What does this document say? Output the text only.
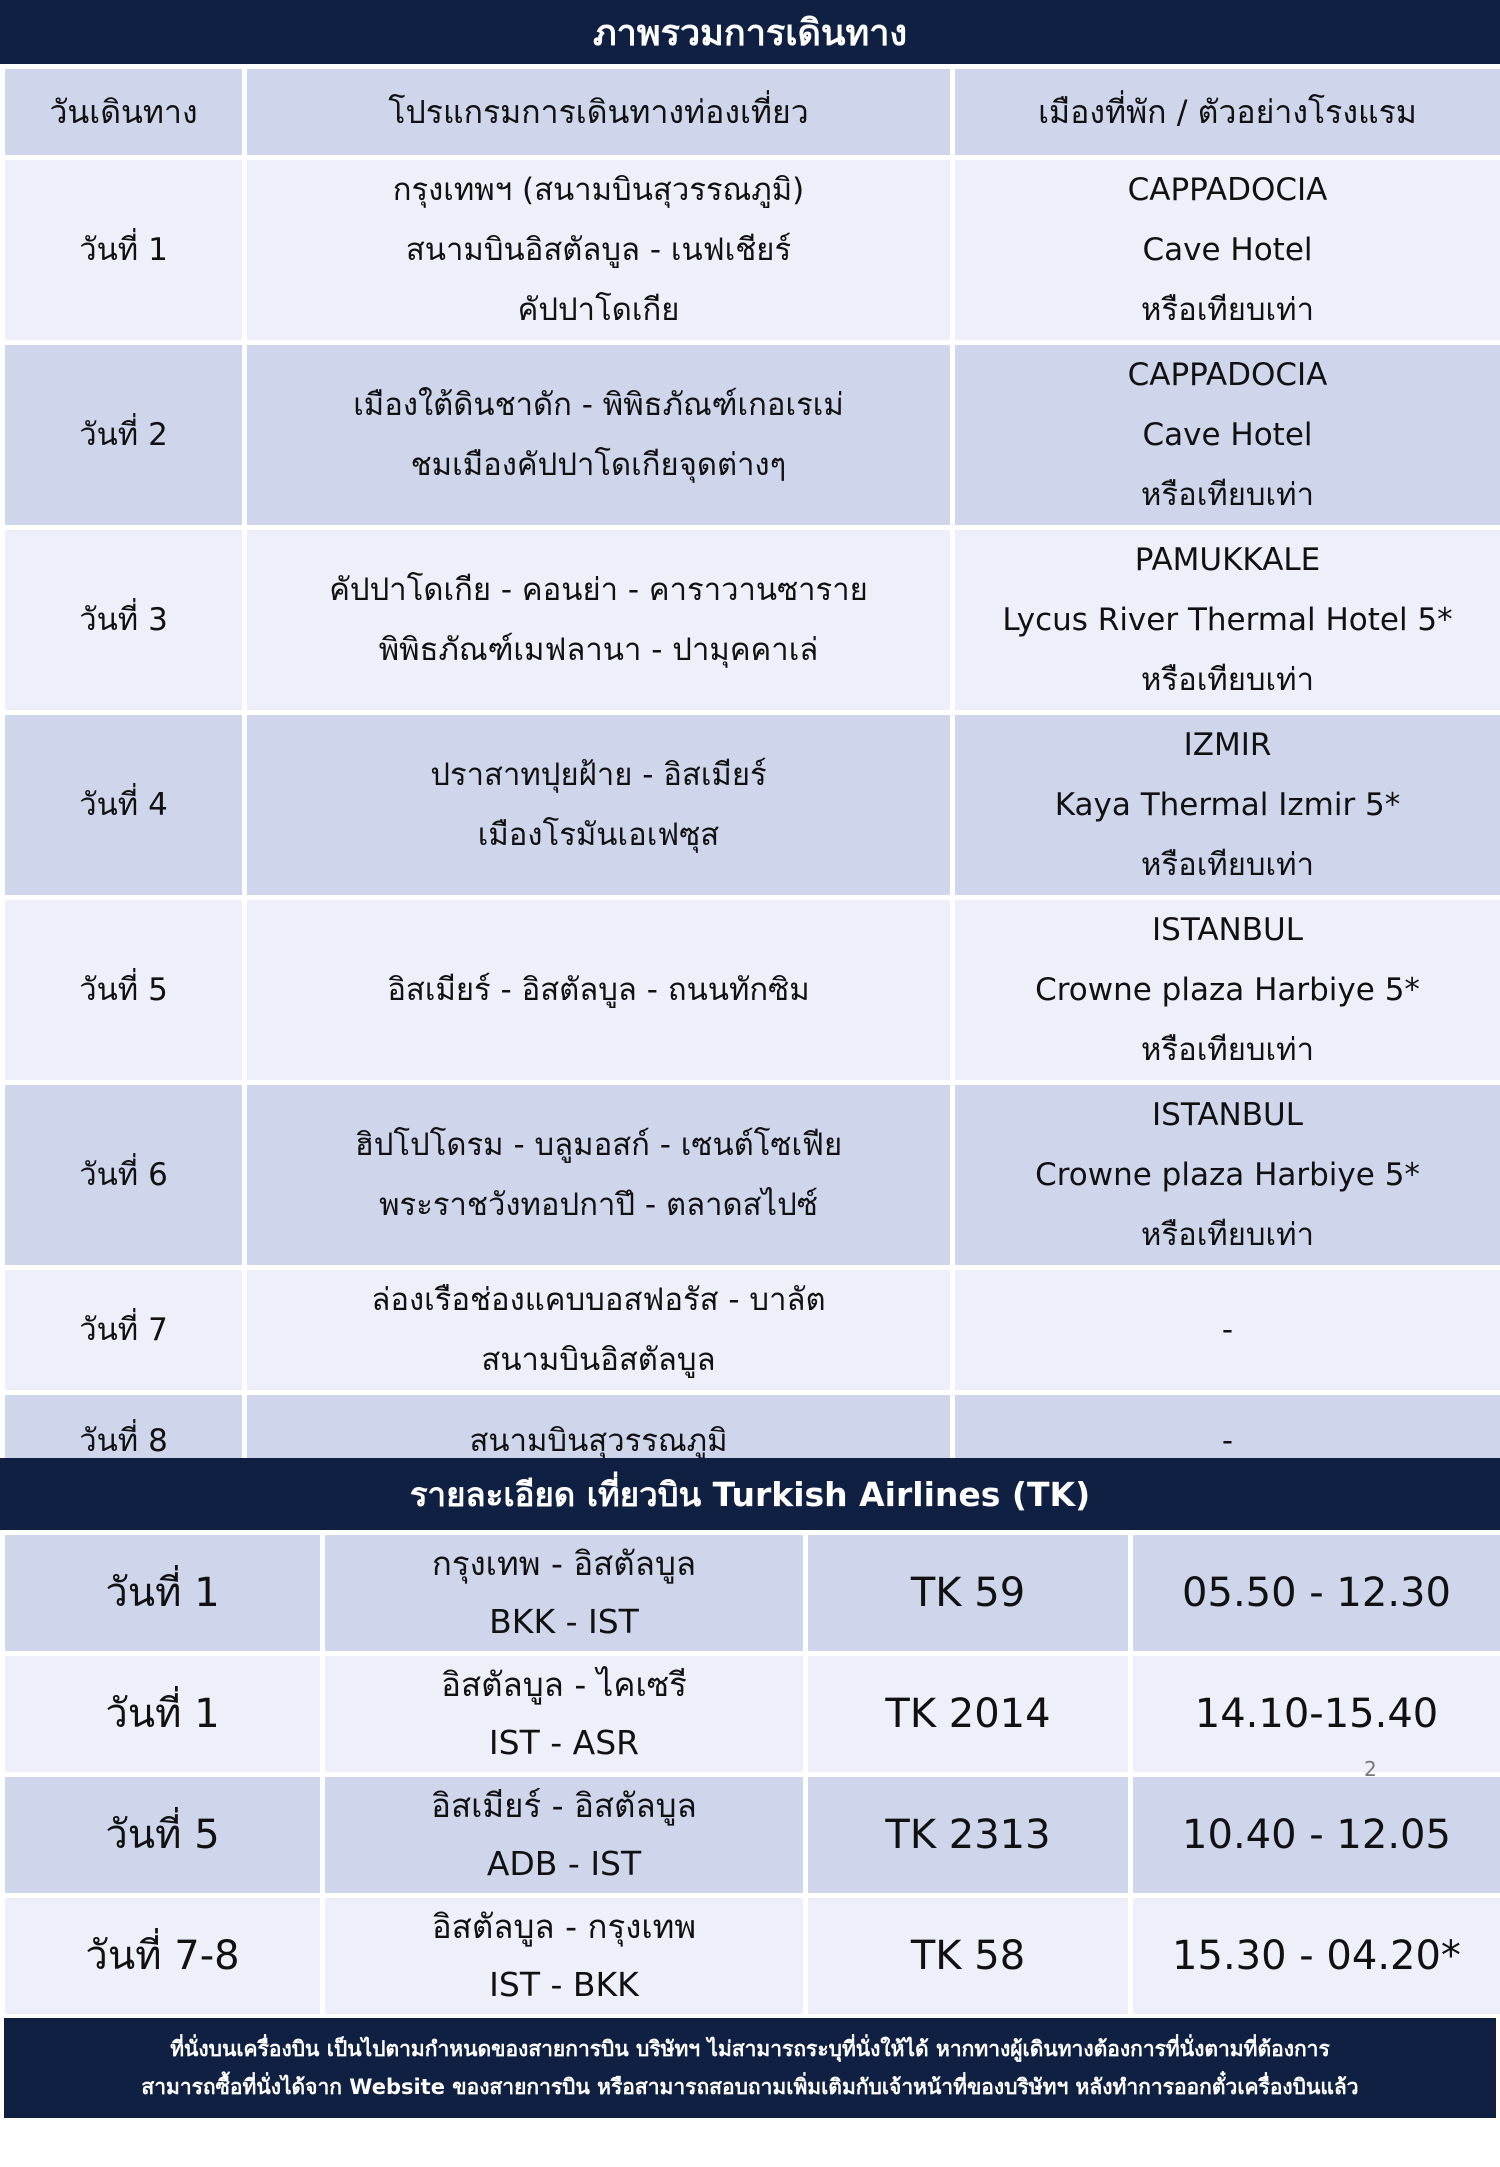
ภาพรวมการเดินทาง
วันเดินทาง	โปรแกรมการเดินทางท่องเที่ยว	เมืองที่พัก / ตัวอย่างโรงแรม
วันที่ 1	กรุงเทพฯ (สนามบินสุวรรณภูมิ)
สนามบินอิสตัลบูล - เนฟเชียร์
คัปปาโดเกีย	CAPPADOCIA
Cave Hotel
หรือเทียบเท่า

วันที่ 2	เมืองใต้ดินชาดัก - พิพิธภัณฑ์เกอเรเม่
ชมเมืองคัปปาโดเกียจุดต่างๆ	CAPPADOCIA
Cave Hotel
หรือเทียบเท่า

วันที่ 3	คัปปาโดเกีย - คอนย่า - คาราวานซาราย
พิพิธภัณฑ์เมฟลานา - ปามุคคาเล่	PAMUKKALE
Lycus River Thermal Hotel 5*
หรือเทียบเท่า

วันที่ 4	ปราสาทปุยฝ้าย - อิสเมียร์
เมืองโรมันเอเฟซุส	IZMIR
Kaya Thermal Izmir 5*
หรือเทียบเท่า

วันที่ 5	อิสเมียร์ - อิสตัลบูล - ถนนทักซิม	ISTANBUL
Crowne plaza Harbiye 5*
หรือเทียบเท่า

วันที่ 6	ฮิปโปโดรม - บลูมอสก์ - เซนต์โซเฟีย
พระราชวังทอปกาปึ - ตลาดสไปซ์	ISTANBUL
Crowne plaza Harbiye 5*
หรือเทียบเท่า

วันที่ 7	ล่องเรือช่องแคบบอสฟอรัส - บาลัต
สนามบินอิสตัลบูล	-

วันที่ 8	สนามบินสุวรรณภูมิ	-
รายละเอียด เที่ยวบิน Turkish Airlines (TK)
วันที่ 1	กรุงเทพ - อิสตัลบูล
BKK - IST	TK 59	05.50 - 12.30
วันที่ 1	อิสตัลบูล - ไคเซรี
IST - ASR	TK 2014	14.10-15.40
วันที่ 5	อิสเมียร์ - อิสตัลบูล
ADB - IST	TK 2313	10.40 - 12.05
วันที่ 7-8	อิสตัลบูล - กรุงเทพ
IST - BKK	TK 58	15.30 - 04.20*
2
ที่นั่งบนเครื่องบิน เป็นไปตามกำหนดของสายการบิน บริษัทฯ ไม่สามารถระบุที่นั่งให้ได้ หากทางผู้เดินทางต้องการที่นั่งตามที่ต้องการ
สามารถซื้อที่นั่งได้จาก Website ของสายการบิน หรือสามารถสอบถามเพิ่มเติมกับเจ้าหน้าที่ของบริษัทฯ หลังทำการออกตั๋วเครื่องบินแล้ว
